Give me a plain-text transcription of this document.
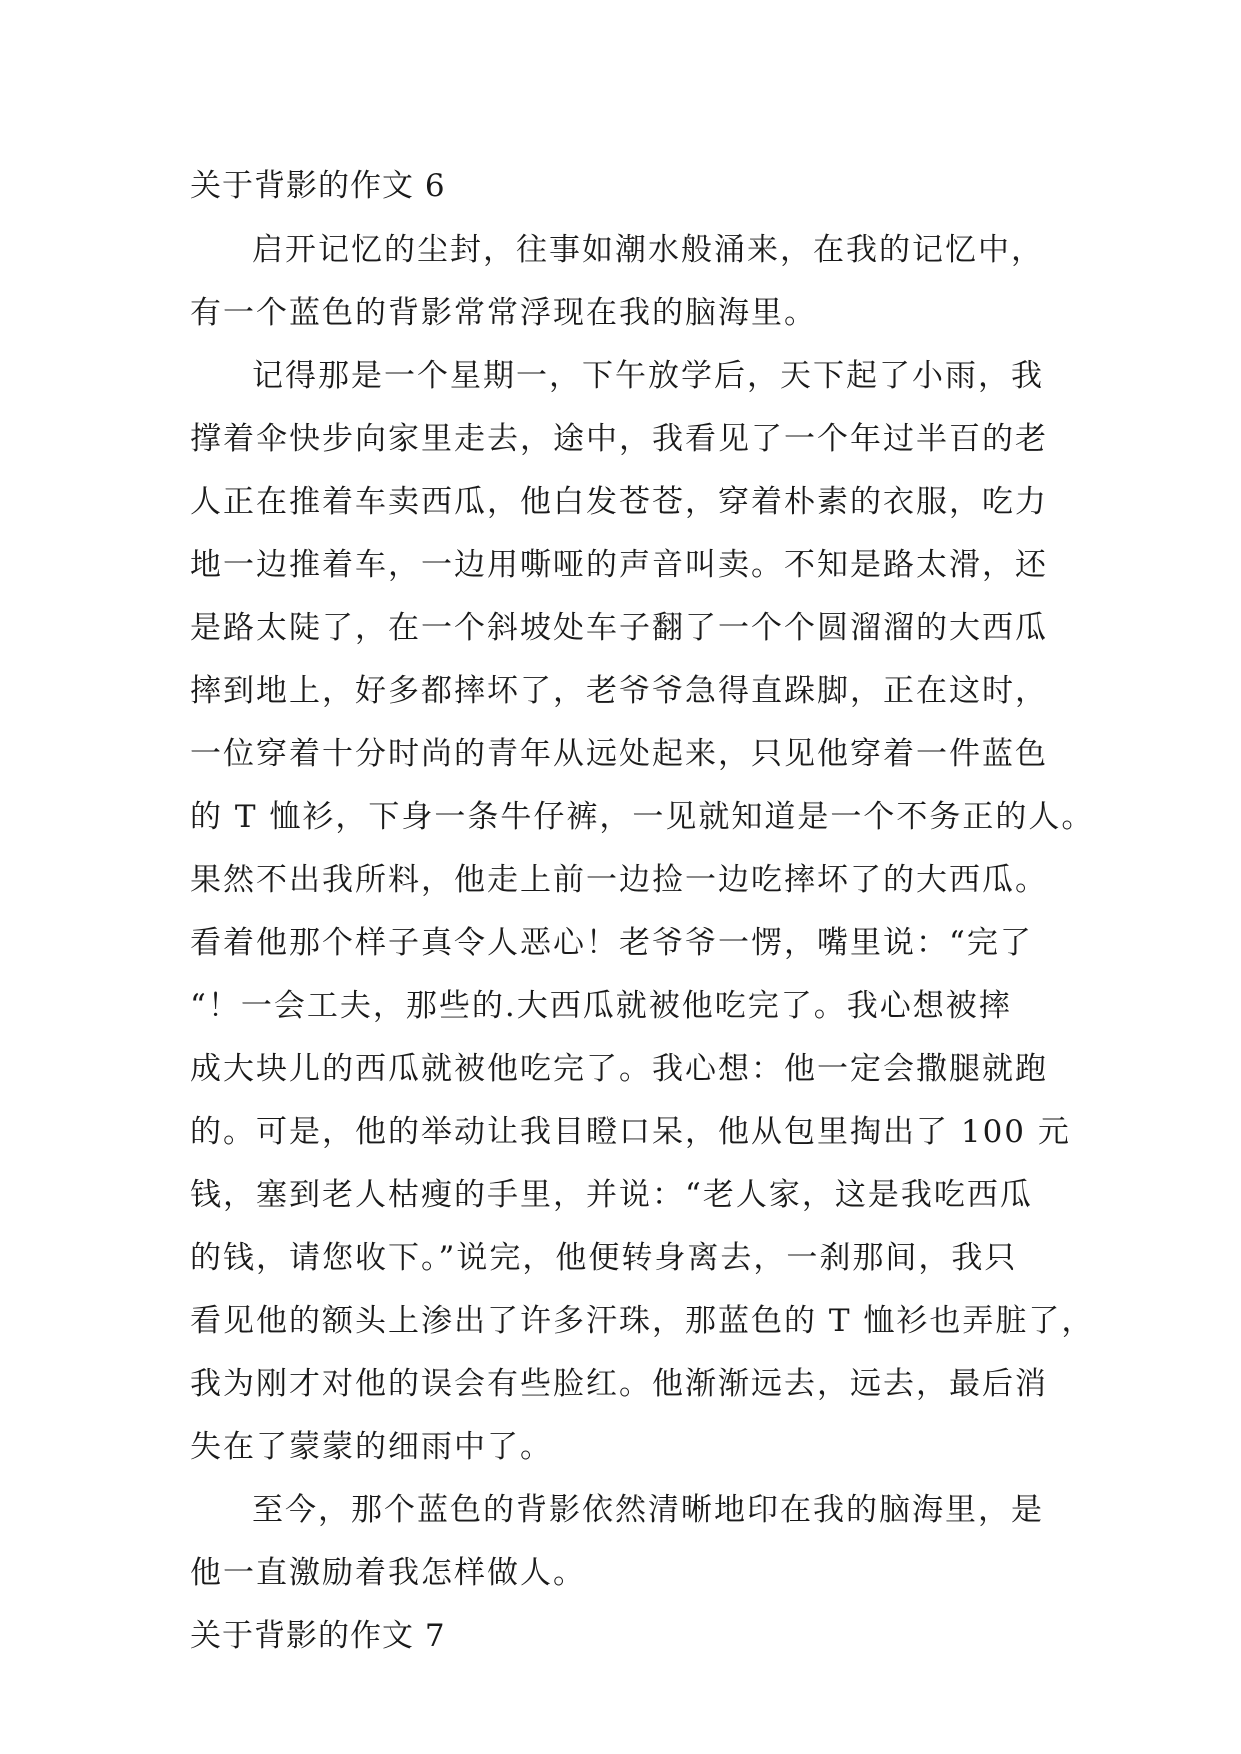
关于背影的作文 6
启开记忆的尘封，往事如潮水般涌来，在我的记忆中，
有一个蓝色的背影常常浮现在我的脑海里。
记得那是一个星期一，下午放学后，天下起了小雨，我
撑着伞快步向家里走去，途中，我看见了一个年过半百的老
人正在推着车卖西瓜，他白发苍苍，穿着朴素的衣服，吃力
地一边推着车，一边用嘶哑的声音叫卖。不知是路太滑，还
是路太陡了，在一个斜坡处车子翻了一个个圆溜溜的大西瓜
摔到地上，好多都摔坏了，老爷爷急得直跺脚，正在这时，
一位穿着十分时尚的青年从远处起来，只见他穿着一件蓝色
的 T 恤衫，下身一条牛仔裤，一见就知道是一个不务正的人。
果然不出我所料，他走上前一边捡一边吃摔坏了的大西瓜。
看着他那个样子真令人恶心！老爷爷一愣，嘴里说：“完了
“！一会工夫，那些的.大西瓜就被他吃完了。我心想被摔
成大块儿的西瓜就被他吃完了。我心想：他一定会撒腿就跑
的。可是，他的举动让我目瞪口呆，他从包里掏出了 100 元
钱，塞到老人枯瘦的手里，并说：“老人家，这是我吃西瓜
的钱，请您收下。”说完，他便转身离去，一刹那间，我只
看见他的额头上渗出了许多汗珠，那蓝色的 T 恤衫也弄脏了，
我为刚才对他的误会有些脸红。他渐渐远去，远去，最后消
失在了蒙蒙的细雨中了。
至今，那个蓝色的背影依然清晰地印在我的脑海里，是
他一直激励着我怎样做人。
关于背影的作文 7
